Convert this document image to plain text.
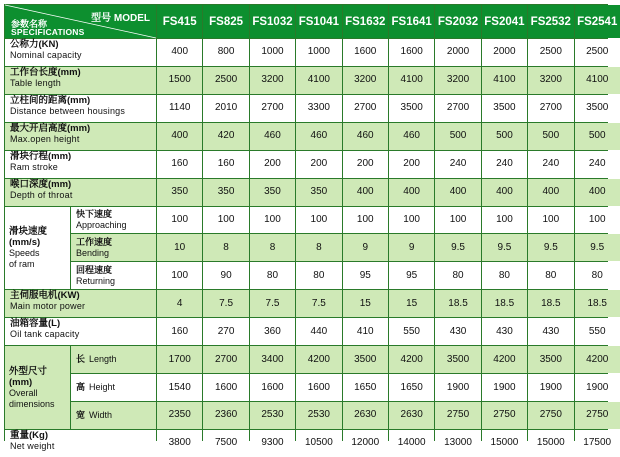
型号 MODEL
参数名称
SPECIFICATIONS
FS415	FS825 FS1032 FS1041 FS1632 FS1641 FS2032 FS2041 FS2532 FS2541
公称力(KN)
Nominal capacity	400	800	1000	1000	1600	1600	2000	2000	2500	2500
工作台长度(mm)
Table length	1500	2500	3200	4100	3200	4100	3200	4100	3200	4100
立柱间的距离(mm)
Distance between housings	1140	2010	2700	3300	2700	3500	2700	3500	2700	3500
最大开启高度(mm)
Max.open height	400	420	460	460	460	460	500	500	500	500
滑块行程(mm)
Ram stroke	160	160	200	200	200	200	240	240	240	240
喉口深度(mm)
Depth of throat	350	350	350	350	400	400	400	400	400	400
滑块速度
(mm/s)
Speeds
of ram
快下速度
Approaching	100	100	100	100	100	100	100	100	100	100
工作速度
Bending	10	8	8	8	9	9	9.5	9.5	9.5	9.5
回程速度
Returning	100	90	80	80	95	95	80	80	80	80
主伺服电机(KW)
Main motor power	4	7.5	7.5	7.5	15	15	18.5	18.5	18.5	18.5
油箱容量(L)
Oil tank capacity	160	270	360	440	410	550	430	430	430	550
外型尺寸
(mm)
Overall
dimensions
长 Length	1700	2700	3400	4200	3500	4200	3500	4200	3500	4200
高 Height	1540	1600	1600	1600	1650	1650	1900	1900	1900	1900
宽 Width	2350	2360	2530	2530	2630	2630	2750	2750	2750	2750
重量(Kg)
Net weight	3800	7500	9300	10500	12000	14000	13000	15000	15000	17500
